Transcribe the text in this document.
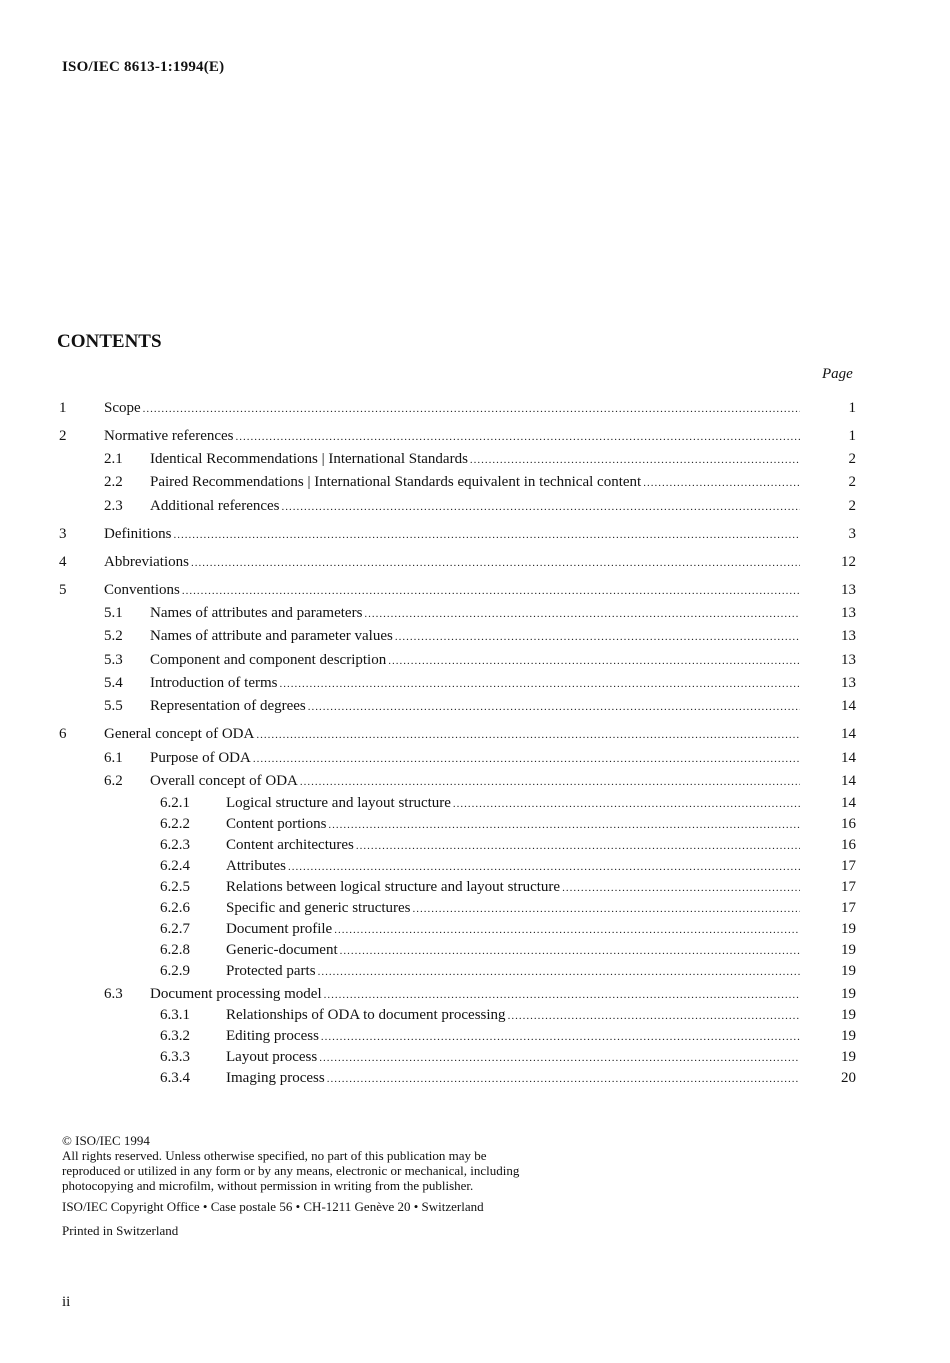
ISO/IEC 8613-1:1994(E)
CONTENTS
Page
1	Scope .....	1
2	Normative references .....	1
2.1 Identical Recommendations | International Standards .....	2
2.2 Paired Recommendations | International Standards equivalent in technical content .....	2
2.3 Additional references .....	2
3	Definitions .....	3
4	Abbreviations .....	12
5	Conventions .....	13
5.1 Names of attributes and parameters .....	13
5.2 Names of attribute and parameter values .....	13
5.3 Component and component description .....	13
5.4 Introduction of terms .....	13
5.5 Representation of degrees .....	14
6	General concept of ODA .....	14
6.1 Purpose of ODA .....	14
6.2 Overall concept of ODA .....	14
6.2.1 Logical structure and layout structure .....	14
6.2.2 Content portions .....	16
6.2.3 Content architectures .....	16
6.2.4 Attributes .....	17
6.2.5 Relations between logical structure and layout structure .....	17
6.2.6 Specific and generic structures .....	17
6.2.7 Document profile .....	19
6.2.8 Generic-document .....	19
6.2.9 Protected parts .....	19
6.3 Document processing model .....	19
6.3.1 Relationships of ODA to document processing .....	19
6.3.2 Editing process .....	19
6.3.3 Layout process .....	19
6.3.4 Imaging process .....	20
© ISO/IEC 1994
All rights reserved. Unless otherwise specified, no part of this publication may be
reproduced or utilized in any form or by any means, electronic or mechanical, including
photocopying and microfilm, without permission in writing from the publisher.
ISO/IEC Copyright Office • Case postale 56 • CH-1211 Genève 20 • Switzerland
Printed in Switzerland
ii
